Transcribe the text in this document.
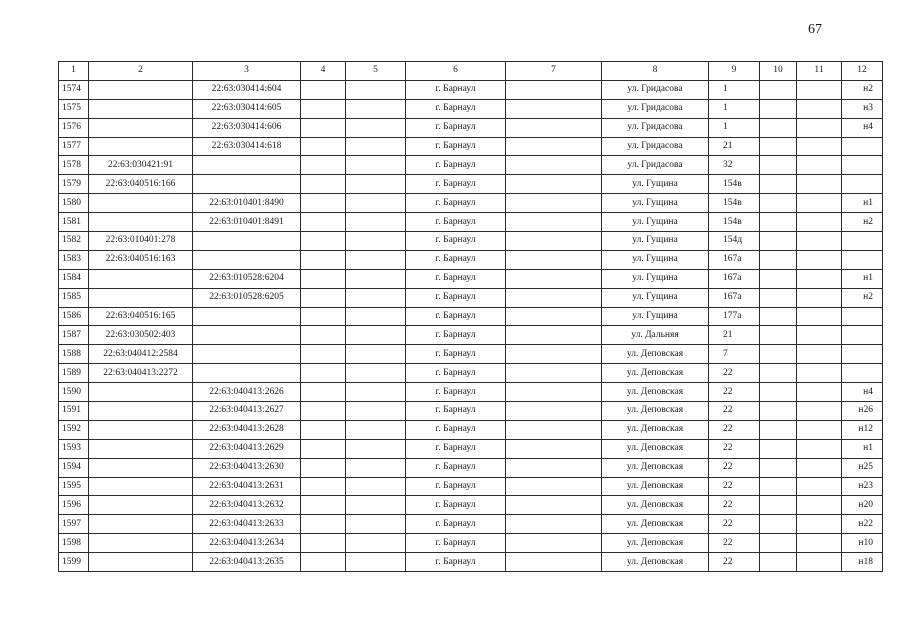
67
1	2	3	4	5	6	7	8	9	10	11	12
1574		22:63:030414:604			г. Барнаул		ул. Гридасова	1			н2
1575		22:63:030414:605			г. Барнаул		ул. Гридасова	1			н3
1576		22:63:030414:606			г. Барнаул		ул. Гридасова	1			н4
1577		22:63:030414:618			г. Барнаул		ул. Гридасова	21			
1578	22:63:030421:91				г. Барнаул		ул. Гридасова	32			
1579	22:63:040516:166				г. Барнаул		ул. Гущина	154в			
1580		22:63:010401:8490			г. Барнаул		ул. Гущина	154в			н1
1581		22:63:010401:8491			г. Барнаул		ул. Гущина	154в			н2
1582	22:63:010401:278				г. Барнаул		ул. Гущина	154д			
1583	22:63:040516:163				г. Барнаул		ул. Гущина	167а			
1584		22:63:010528:6204			г. Барнаул		ул. Гущина	167а			н1
1585		22:63:010528:6205			г. Барнаул		ул. Гущина	167а			н2
1586	22:63:040516:165				г. Барнаул		ул. Гущина	177а			
1587	22:63:030502:403				г. Барнаул		ул. Дальняя	21			
1588	22:63:040412:2584				г. Барнаул		ул. Деповская	7			
1589	22:63:040413:2272				г. Барнаул		ул. Деповская	22			
1590		22:63:040413:2626			г. Барнаул		ул. Деповская	22			н4
1591		22:63:040413:2627			г. Барнаул		ул. Деповская	22			н26
1592		22:63:040413:2628			г. Барнаул		ул. Деповская	22			н12
1593		22:63:040413:2629			г. Барнаул		ул. Деповская	22			н1
1594		22:63:040413:2630			г. Барнаул		ул. Деповская	22			н25
1595		22:63:040413:2631			г. Барнаул		ул. Деповская	22			н23
1596		22:63:040413:2632			г. Барнаул		ул. Деповская	22			н20
1597		22:63:040413:2633			г. Барнаул		ул. Деповская	22			н22
1598		22:63:040413:2634			г. Барнаул		ул. Деповская	22			н10
1599		22:63:040413:2635			г. Барнаул		ул. Деповская	22			н18
